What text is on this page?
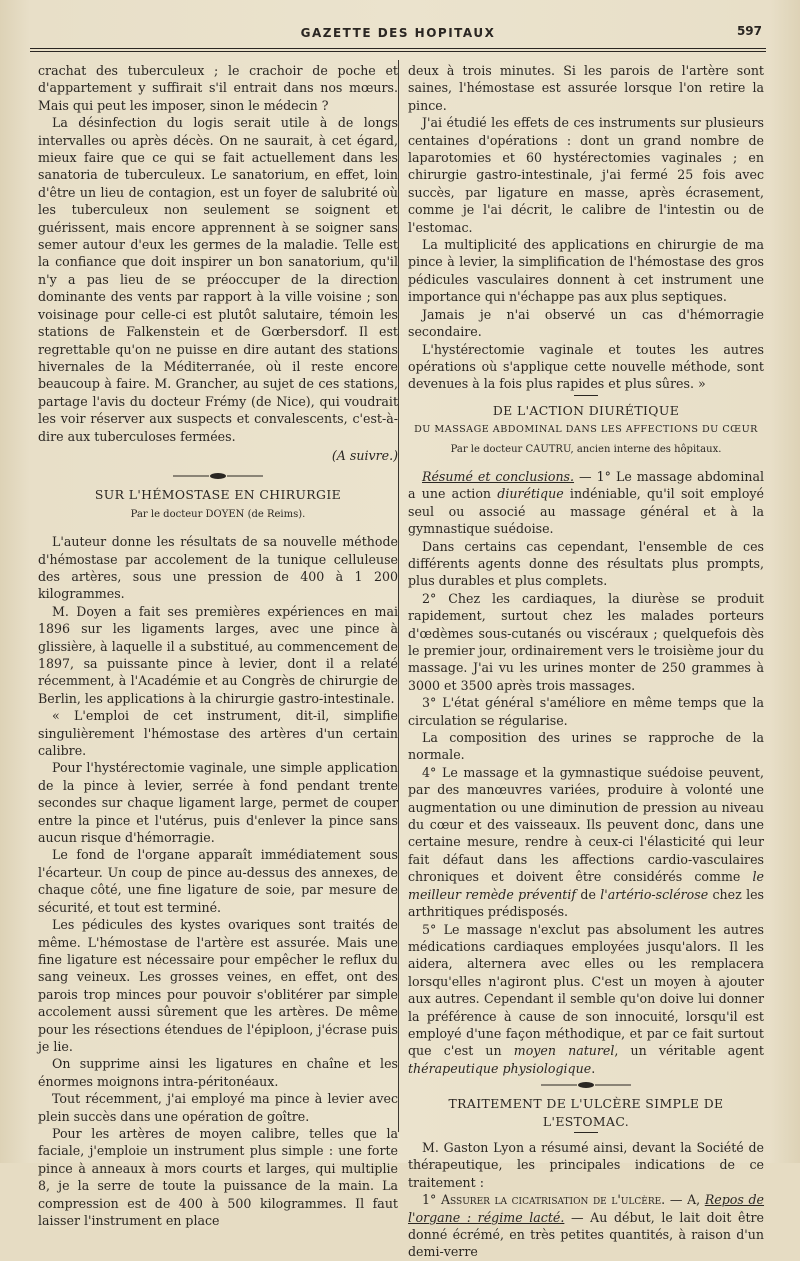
GAZETTE DES HOPITAUX	597

crachat des tuberculeux ; le crachoir de poche et d'appartement y suffirait s'il entrait dans nos mœurs. Mais qui peut les imposer, sinon le médecin ?

La désinfection du logis serait utile à de longs intervalles ou après décès. On ne saurait, à cet égard, mieux faire que ce qui se fait actuellement dans les sanatoria de tuberculeux. Le sanatorium, en effet, loin d'être un lieu de contagion, est un foyer de salubrité où les tuberculeux non seulement se soignent et guérissent, mais encore apprennent à se soigner sans semer autour d'eux les germes de la maladie. Telle est la confiance que doit inspirer un bon sanatorium, qu'il n'y a pas lieu de se préoccuper de la direction dominante des vents par rapport à la ville voisine ; son voisinage pour celle-ci est plutôt salutaire, témoin les stations de Falkenstein et de Gœrbersdorf. Il est regrettable qu'on ne puisse en dire autant des stations hivernales de la Méditerranée, où il reste encore beaucoup à faire. M. Grancher, au sujet de ces stations, partage l'avis du docteur Frémy (de Nice), qui voudrait les voir réserver aux suspects et convalescents, c'est-à-dire aux tuberculoses fermées.

(A suivre.)

SUR L'HÉMOSTASE EN CHIRURGIE
Par le docteur DOYEN (de Reims).

L'auteur donne les résultats de sa nouvelle méthode d'hémostase par accolement de la tunique celluleuse des artères, sous une pression de 400 à 1 200 kilogrammes.

M. Doyen a fait ses premières expériences en mai 1896 sur les ligaments larges, avec une pince à glissière, à laquelle il a substitué, au commencement de 1897, sa puissante pince à levier, dont il a relaté récemment, à l'Académie et au Congrès de chirurgie de Berlin, les applications à la chirurgie gastro-intestinale.

« L'emploi de cet instrument, dit-il, simplifie singulièrement l'hémostase des artères d'un certain calibre.

Pour l'hystérectomie vaginale, une simple application de la pince à levier, serrée à fond pendant trente secondes sur chaque ligament large, permet de couper entre la pince et l'utérus, puis d'enlever la pince sans aucun risque d'hémorragie.

Le fond de l'organe apparaît immédiatement sous l'écarteur. Un coup de pince au-dessus des annexes, de chaque côté, une fine ligature de soie, par mesure de sécurité, et tout est terminé.

Les pédicules des kystes ovariques sont traités de même. L'hémostase de l'artère est assurée. Mais une fine ligature est nécessaire pour empêcher le reflux du sang veineux. Les grosses veines, en effet, ont des parois trop minces pour pouvoir s'oblitérer par simple accolement aussi sûrement que les artères. De même pour les résections étendues de l'épiploon, j'écrase puis je lie.

On supprime ainsi les ligatures en chaîne et les énormes moignons intra-péritonéaux.

Tout récemment, j'ai employé ma pince à levier avec plein succès dans une opération de goître.

Pour les artères de moyen calibre, telles que la faciale, j'emploie un instrument plus simple : une forte pince à anneaux à mors courts et larges, qui multiplie 8, je la serre de toute la puissance de la main. La compression est de 400 à 500 kilogrammes. Il faut laisser l'instrument en place

deux à trois minutes. Si les parois de l'artère sont saines, l'hémostase est assurée lorsque l'on retire la pince.

J'ai étudié les effets de ces instruments sur plusieurs centaines d'opérations : dont un grand nombre de laparotomies et 60 hystérectomies vaginales ; en chirurgie gastro-intestinale, j'ai fermé 25 fois avec succès, par ligature en masse, après écrasement, comme je l'ai décrit, le calibre de l'intestin ou de l'estomac.

La multiplicité des applications en chirurgie de ma pince à levier, la simplification de l'hémostase des gros pédicules vasculaires donnent à cet instrument une importance qui n'échappe pas aux plus septiques.

Jamais je n'ai observé un cas d'hémorragie secondaire.

L'hystérectomie vaginale et toutes les autres opérations où s'applique cette nouvelle méthode, sont devenues à la fois plus rapides et plus sûres. »

DE L'ACTION DIURÉTIQUE
DU MASSAGE ABDOMINAL DANS LES AFFECTIONS DU CŒUR
Par le docteur CAUTRU, ancien interne des hôpitaux.

Résumé et conclusions. — 1° Le massage abdominal a une action diurétique indéniable, qu'il soit employé seul ou associé au massage général et à la gymnastique suédoise.

Dans certains cas cependant, l'ensemble de ces différents agents donne des résultats plus prompts, plus durables et plus complets.

2° Chez les cardiaques, la diurèse se produit rapidement, surtout chez les malades porteurs d'œdèmes sous-cutanés ou viscéraux ; quelquefois dès le premier jour, ordinairement vers le troisième jour du massage. J'ai vu les urines monter de 250 grammes à 3000 et 3500 après trois massages.

3° L'état général s'améliore en même temps que la circulation se régularise.

La composition des urines se rapproche de la normale.

4° Le massage et la gymnastique suédoise peuvent, par des manœuvres variées, produire à volonté une augmentation ou une diminution de pression au niveau du cœur et des vaisseaux. Ils peuvent donc, dans une certaine mesure, rendre à ceux-ci l'élasticité qui leur fait défaut dans les affections cardio-vasculaires chroniques et doivent être considérés comme le meilleur remède préventif de l'artério-sclérose chez les arthritiques prédisposés.

5° Le massage n'exclut pas absolument les autres médications cardiaques employées jusqu'alors. Il les aidera, alternera avec elles ou les remplacera lorsqu'elles n'agiront plus. C'est un moyen à ajouter aux autres. Cependant il semble qu'on doive lui donner la préférence à cause de son innocuité, lorsqu'il est employé d'une façon méthodique, et par ce fait surtout que c'est un moyen naturel, un véritable agent thérapeutique physiologique.

TRAITEMENT DE L'ULCÈRE SIMPLE DE L'ESTOMAC.

M. Gaston Lyon a résumé ainsi, devant la Société de thérapeutique, les principales indications de ce traitement :

1° Assurer la cicatrisation de l'ulcère. — A, Repos de l'organe : régime lacté. — Au début, le lait doit être donné écrémé, en très petites quantités, à raison d'un demi-verre
